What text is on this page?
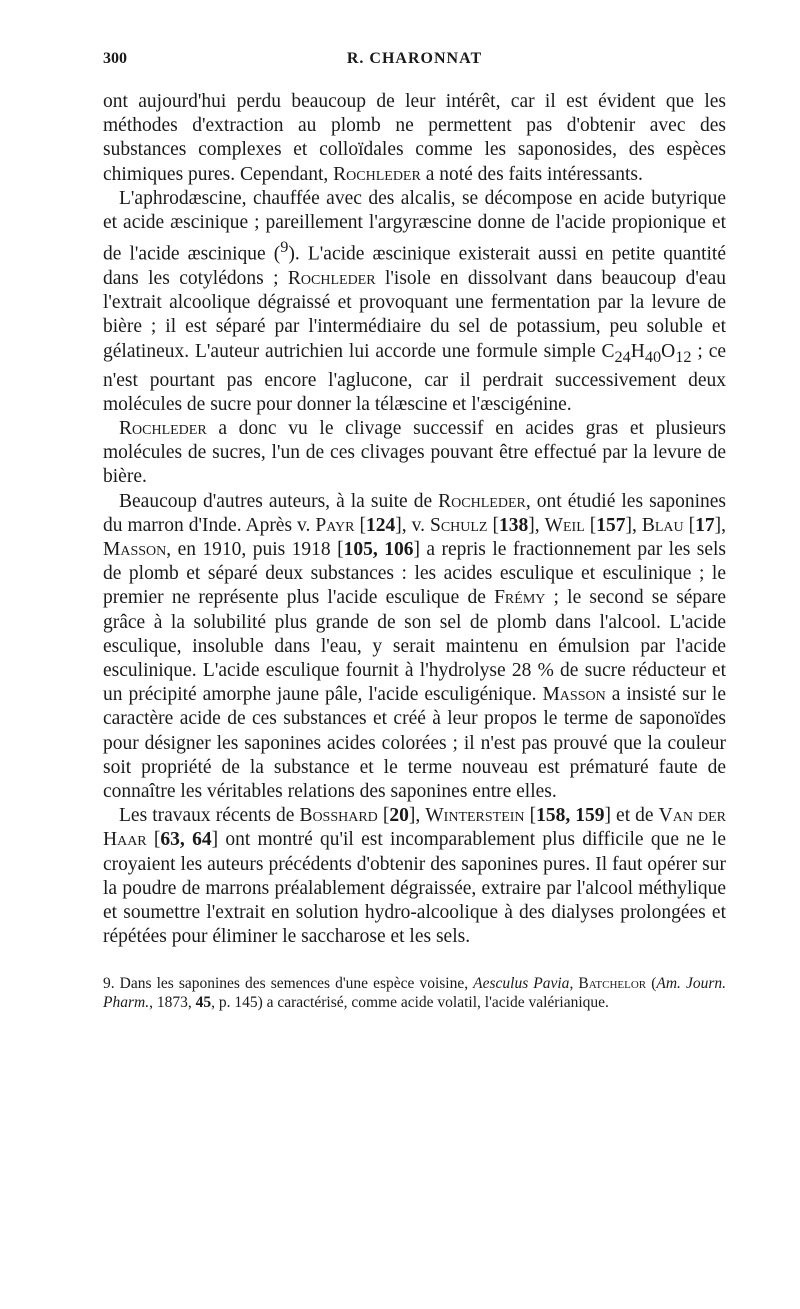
300	R. CHARONNAT

ont aujourd'hui perdu beaucoup de leur intérêt, car il est évident que les méthodes d'extraction au plomb ne permettent pas d'obtenir avec des substances complexes et colloïdales comme les saponosides, des espèces chimiques pures. Cependant, Rochleder a noté des faits intéressants.

L'aphrodæscine, chauffée avec des alcalis, se décompose en acide butyrique et acide æscinique ; pareillement l'argyræscine donne de l'acide propionique et de l'acide æscinique ($^9$). L'acide æscinique existerait aussi en petite quantité dans les cotylédons ; Rochleder l'isole en dissolvant dans beaucoup d'eau l'extrait alcoolique dégraissé et provoquant une fermentation par la levure de bière ; il est séparé par l'intermédiaire du sel de potassium, peu soluble et gélatineux. L'auteur autrichien lui accorde une formule simple $C_{24}H_{40}O_{12}$ ; ce n'est pourtant pas encore l'aglucone, car il perdrait successivement deux molécules de sucre pour donner la télæscine et l'æscigénine.

Rochleder a donc vu le clivage successif en acides gras et plusieurs molécules de sucres, l'un de ces clivages pouvant être effectué par la levure de bière.

Beaucoup d'autres auteurs, à la suite de Rochleder, ont étudié les saponines du marron d'Inde. Après v. Payr [124], v. Schulz [138], Weil [157], Blau [17], Masson, en 1910, puis 1918 [105, 106] a repris le fractionnement par les sels de plomb et séparé deux substances : les acides esculique et esculinique ; le premier ne représente plus l'acide esculique de Frémy ; le second se sépare grâce à la solubilité plus grande de son sel de plomb dans l'alcool. L'acide esculique, insoluble dans l'eau, y serait maintenu en émulsion par l'acide esculinique. L'acide esculique fournit à l'hydrolyse 28 % de sucre réducteur et un précipité amorphe jaune pâle, l'acide esculigénique. Masson a insisté sur le caractère acide de ces substances et créé à leur propos le terme de saponoïdes pour désigner les saponines acides colorées ; il n'est pas prouvé que la couleur soit propriété de la substance et le terme nouveau est prématuré faute de connaître les véritables relations des saponines entre elles.

Les travaux récents de Bosshard [20], Winterstein [158, 159] et de Van der Haar [63, 64] ont montré qu'il est incomparablement plus difficile que ne le croyaient les auteurs précédents d'obtenir des saponines pures. Il faut opérer sur la poudre de marrons préalablement dégraissée, extraire par l'alcool méthylique et soumettre l'extrait en solution hydro-alcoolique à des dialyses prolongées et répétées pour éliminer le saccharose et les sels.

9. Dans les saponines des semences d'une espèce voisine, Aesculus Pavia, Batchelor (Am. Journ. Pharm., 1873, 45, p. 145) a caractérisé, comme acide volatil, l'acide valérianique.
